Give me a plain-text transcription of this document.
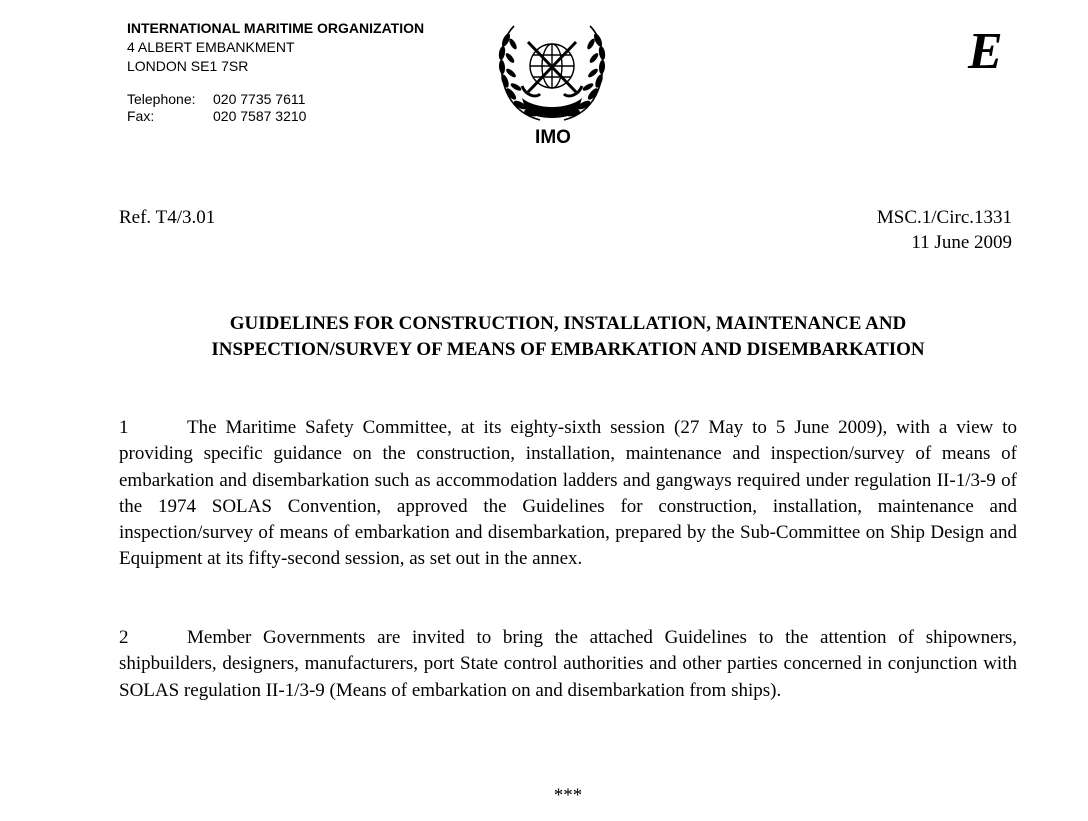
INTERNATIONAL MARITIME ORGANIZATION
4 ALBERT EMBANKMENT
LONDON SE1 7SR
Telephone: 020 7735 7611
Fax:	020 7587 3210
IMO
E
Ref. T4/3.01	MSC.1/Circ.1331
11 June 2009
GUIDELINES FOR CONSTRUCTION, INSTALLATION, MAINTENANCE AND
INSPECTION/SURVEY OF MEANS OF EMBARKATION AND DISEMBARKATION
1	The Maritime Safety Committee, at its eighty-sixth session (27 May to 5 June 2009), with a view to providing specific guidance on the construction, installation, maintenance and inspection/survey of means of embarkation and disembarkation such as accommodation ladders and gangways required under regulation II-1/3-9 of the 1974 SOLAS Convention, approved the Guidelines for construction, installation, maintenance and inspection/survey of means of embarkation and disembarkation, prepared by the Sub-Committee on Ship Design and Equipment at its fifty-second session, as set out in the annex.
2	Member Governments are invited to bring the attached Guidelines to the attention of shipowners, shipbuilders, designers, manufacturers, port State control authorities and other parties concerned in conjunction with SOLAS regulation II-1/3-9 (Means of embarkation on and disembarkation from ships).
***
